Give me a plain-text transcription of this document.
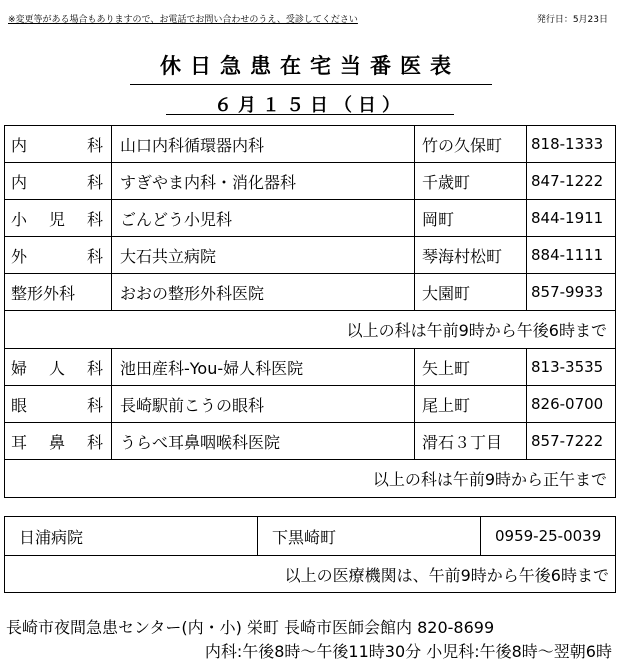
※変更等がある場合もありますので、お電話でお問い合わせのうえ、受診してください	発行日：5月23日
休日急患在宅当番医表
６月１５日（日）
内 科	山口内科循環器内科	竹の久保町	818-1333

内 科	すぎやま内科・消化器科	千歳町	847-1222

小 児 科	ごんどう小児科	岡町	844-1911

外 科	大石共立病院	琴海村松町	884-1111

整形外科	おおの整形外科医院	大園町	857-9933
以上の科は午前9時から午後6時まで			

婦 人 科	池田産科-You-婦人科医院	矢上町	813-3535

眼 科	長崎駅前こうの眼科	尾上町	826-0700

耳 鼻 科	うらべ耳鼻咽喉科医院	滑石３丁目	857-7222
以上の科は午前9時から正午まで			
日浦病院	下黒崎町	0959-25-0039
以上の医療機関は、午前9時から午後6時まで
長崎市夜間急患センター(内・小) 栄町 長崎市医師会館内 820-8699
内科:午後8時～午後11時30分 小児科:午後8時～翌朝6時
